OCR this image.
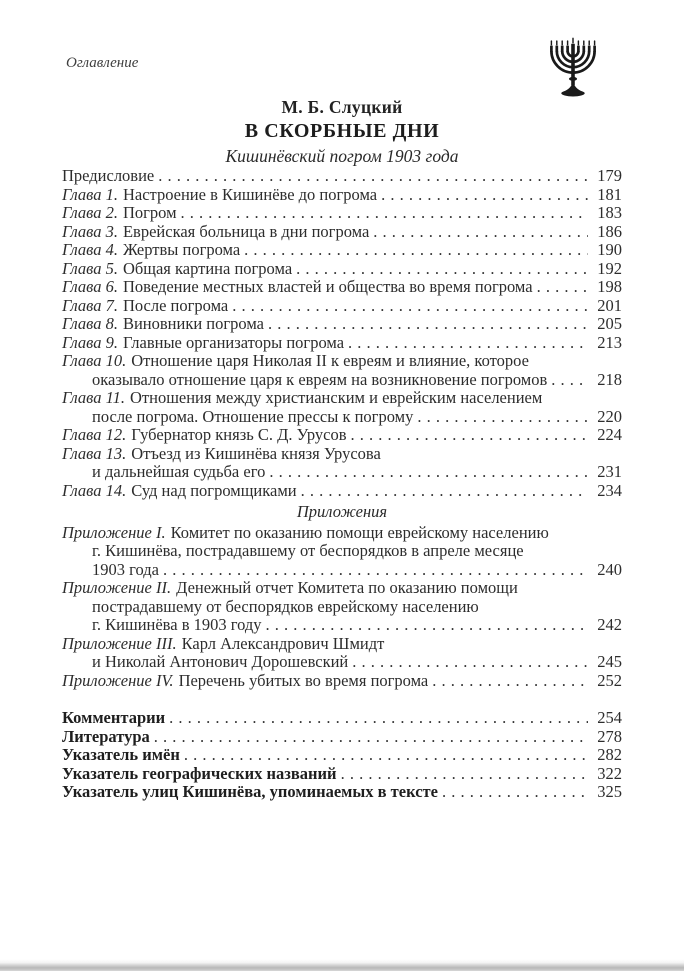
Оглавление
М. Б. Слуцкий
В СКОРБНЫЕ ДНИ
Кишинёвский погром 1903 года
Предисловие . . .	179
Глава 1. Настроение в Кишинёве до погрома . . .	181
Глава 2. Погром . . .	183
Глава 3. Еврейская больница в дни погрома . . .	186
Глава 4. Жертвы погрома . . .	190
Глава 5. Общая картина погрома . . .	192
Глава 6. Поведение местных властей и общества во время погрома . . .	198
Глава 7. После погрома . . .	201
Глава 8. Виновники погрома . . .	205
Глава 9. Главные организаторы погрома . . .	213
Глава 10. Отношение царя Николая II к евреям и влияние, которое
оказывало отношение царя к евреям на возникновение погромов . . .	218
Глава 11. Отношения между христианским и еврейским населением
после погрома. Отношение прессы к погрому . . .	220
Глава 12. Губернатор князь С. Д. Урусов . . .	224
Глава 13. Отъезд из Кишинёва князя Урусова
и дальнейшая судьба его . . .	231
Глава 14. Суд над погромщиками . . .	234
Приложения
Приложение I. Комитет по оказанию помощи еврейскому населению
г. Кишинёва, пострадавшему от беспорядков в апреле месяце
1903 года . . .	240
Приложение II. Денежный отчет Комитета по оказанию помощи
пострадавшему от беспорядков еврейскому населению
г. Кишинёва в 1903 году . . .	242
Приложение III. Карл Александрович Шмидт
и Николай Антонович Дорошевский . . .	245
Приложение IV. Перечень убитых во время погрома . . .	252
Комментарии . . .	254
Литература . . .	278
Указатель имён . . .	282
Указатель географических названий . . .	322
Указатель улиц Кишинёва, упоминаемых в тексте . . .	325
